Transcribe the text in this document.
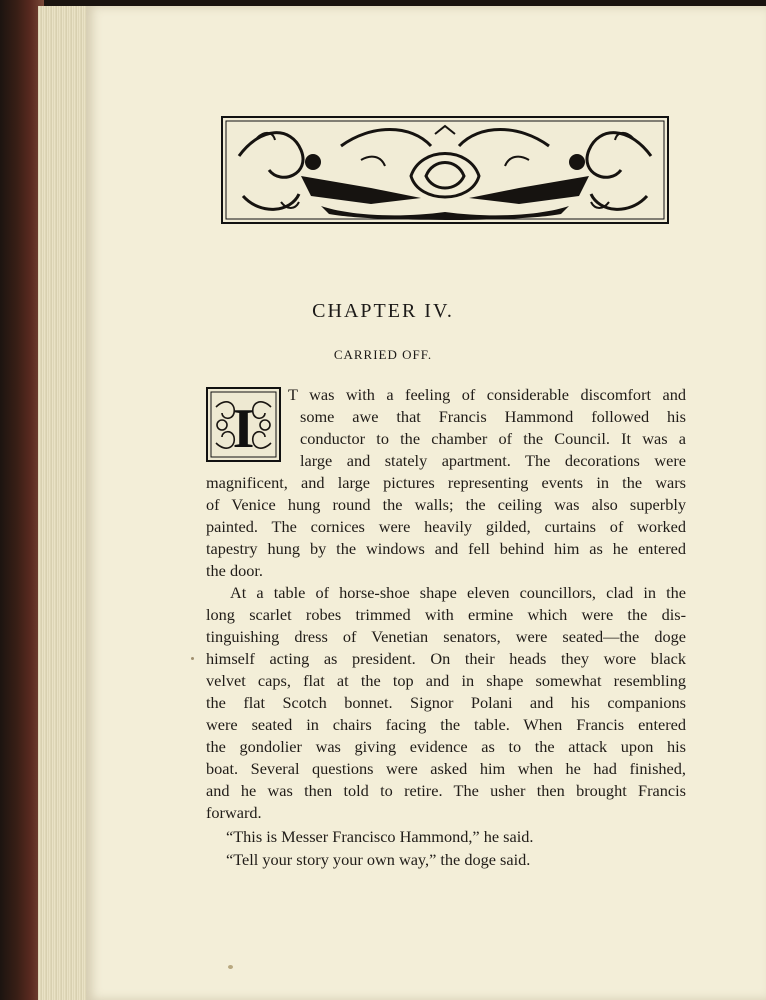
CHAPTER IV.
CARRIED OFF.
I
T was with a feeling of considerable discomfort and
some awe that Francis Hammond followed his
conductor to the chamber of the Council. It was a
large and stately apartment. The decorations were
magnificent, and large pictures representing events in the wars
of Venice hung round the walls; the ceiling was also superbly
painted. The cornices were heavily gilded, curtains of worked
tapestry hung by the windows and fell behind him as he entered
the door.
At a table of horse-shoe shape eleven councillors, clad in the
long scarlet robes trimmed with ermine which were the dis-
tinguishing dress of Venetian senators, were seated—the doge
himself acting as president. On their heads they wore black
velvet caps, flat at the top and in shape somewhat resembling
the flat Scotch bonnet. Signor Polani and his companions
were seated in chairs facing the table. When Francis entered
the gondolier was giving evidence as to the attack upon his
boat. Several questions were asked him when he had finished,
and he was then told to retire. The usher then brought Francis
forward.
“This is Messer Francisco Hammond,” he said.
“Tell your story your own way,” the doge said.
